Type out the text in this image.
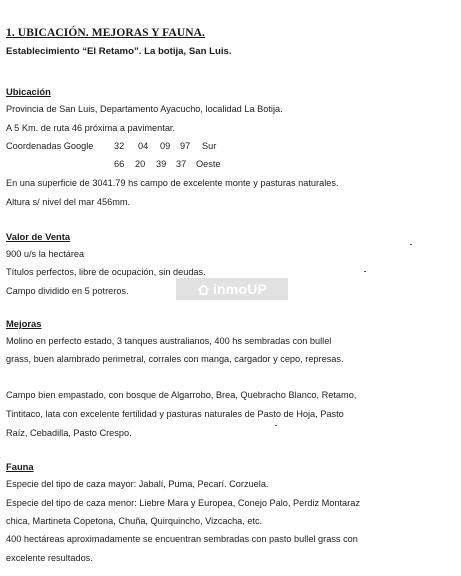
1. UBICACIÓN. MEJORAS Y FAUNA.

Establecimiento “El Retamo”. La botija, San Luis.

Ubicación

Provincia de San Luis, Departamento Ayacucho, localidad La Botija.

A 5 Km. de ruta 46 próxima a pavimentar.

Coordenadas Google 32 04 09 97 Sur
66 20 39 37 Oeste

En una superficie de 3041.79 hs campo de excelente monte y pasturas naturales.

Altura s/ nivel del mar 456mm.

Valor de Venta

900 u/s la hectárea

Títulos perfectos, libre de ocupación, sin deudas.

Campo dividido en 5 potreros.

Mejoras

Molino en perfecto estado, 3 tanques australianos, 400 hs sembradas con bullel

grass, buen alambrado perimetral, corrales con manga, cargador y cepo, represas.

Campo bien empastado, con bosque de Algarrobo, Brea, Quebracho Blanco, Retamo,

Tintitaco, lata con excelente fertilidad y pasturas naturales de Pasto de Hoja, Pasto

Raíz, Cebadilla, Pasto Crespo.

Fauna

Especie del tipo de caza mayor: Jabalí, Puma, Pecarí. Corzuela.

Especie del tipo de caza menor: Liebre Mara y Europea, Conejo Palo, Perdiz Montaraz

chica, Martineta Copetona, Chuña, Quirquincho, Vizcacha, etc.

400 hectáreas aproximadamente se encuentran sembradas con pasto bullel grass con

excelente resultados.

inmoUP
